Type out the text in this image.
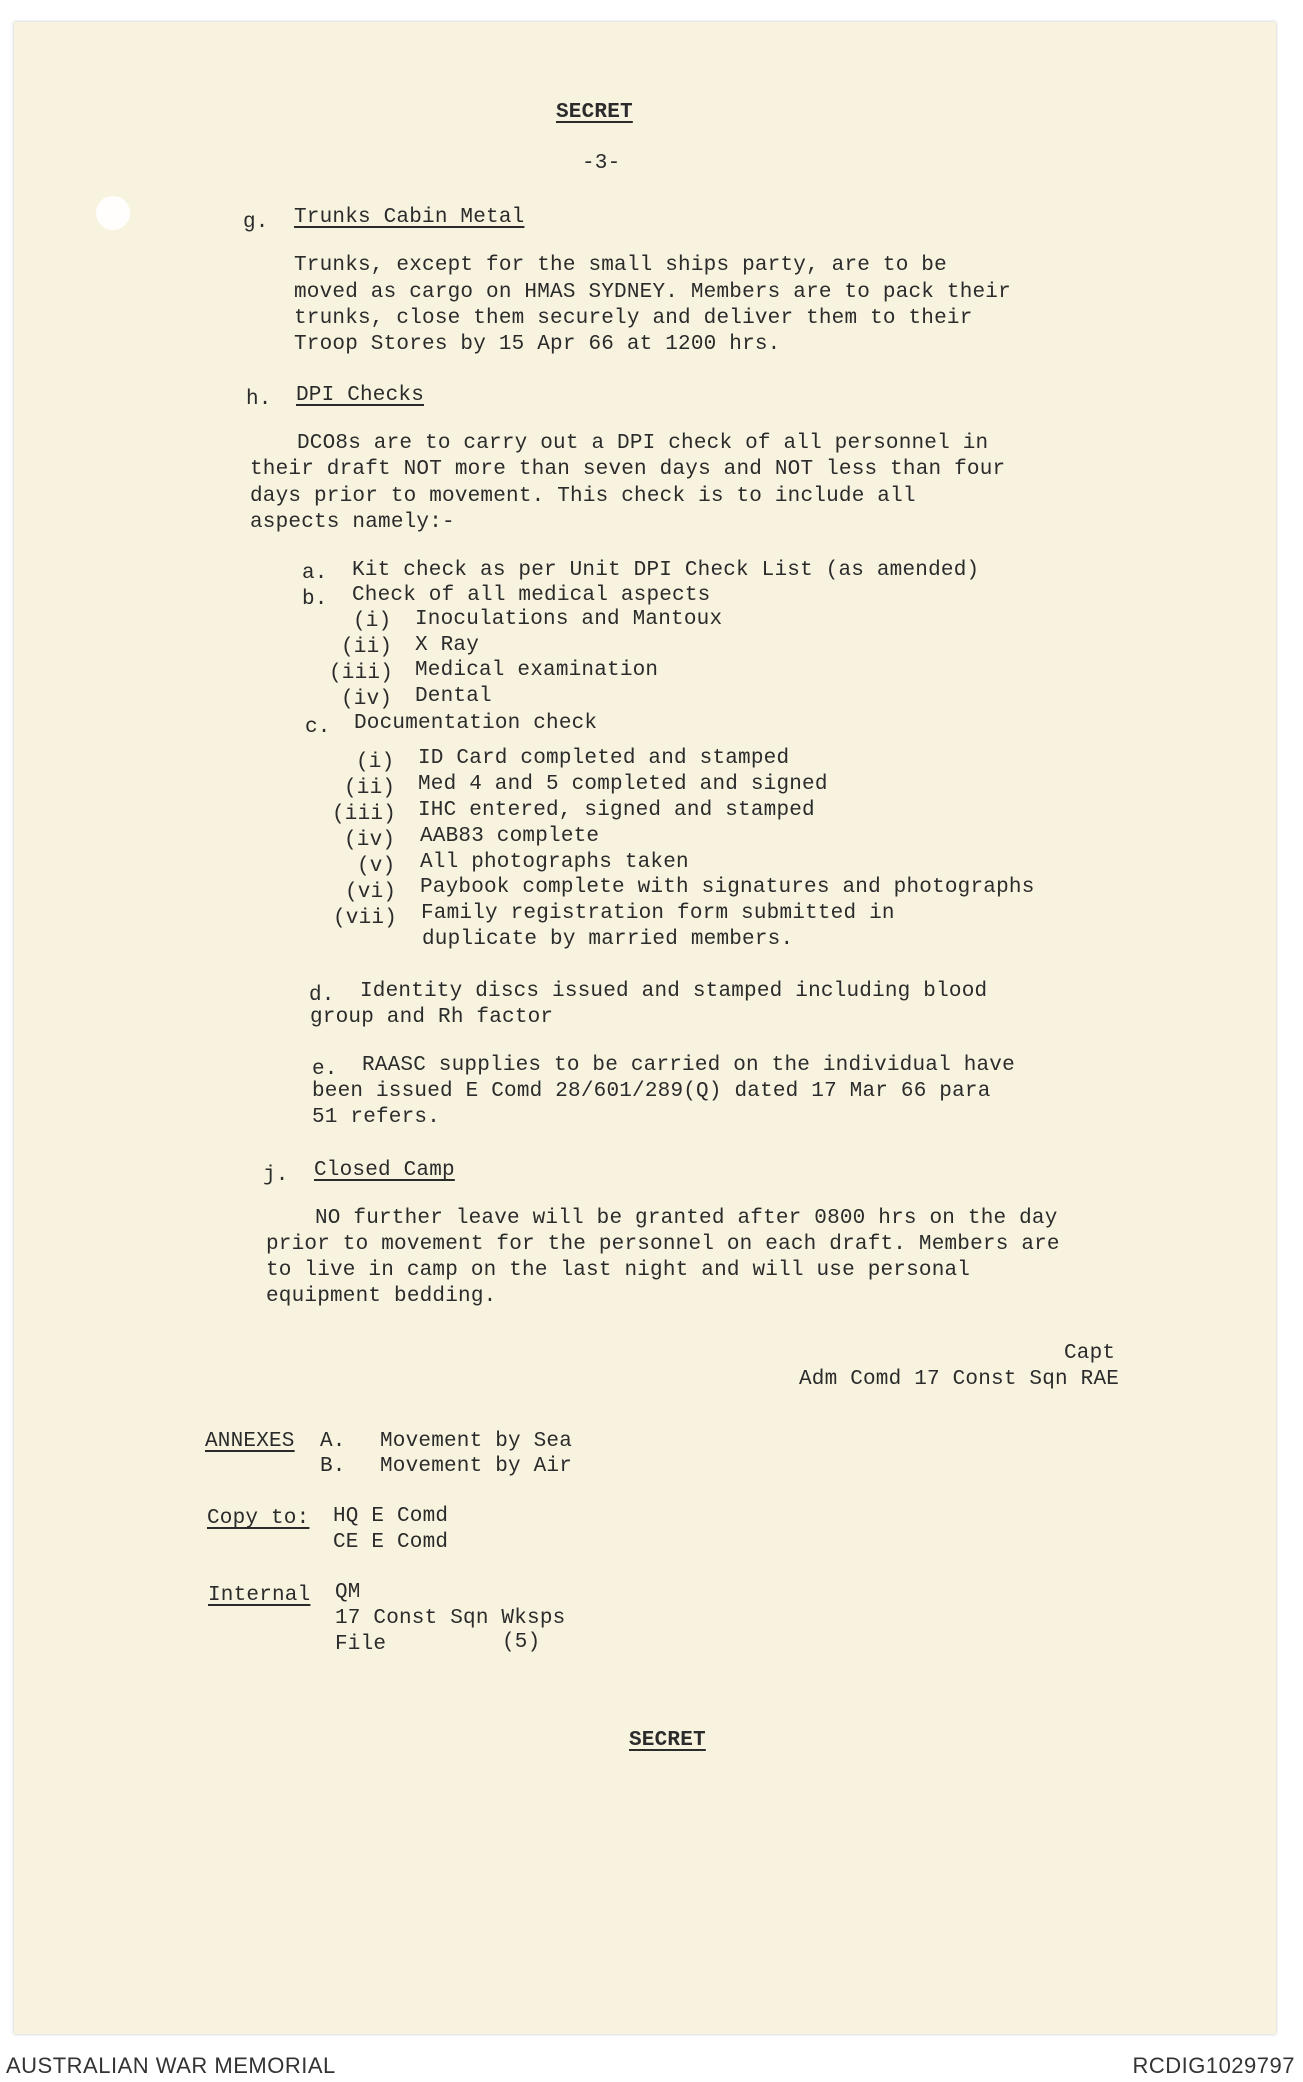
SECRET
-3-
g. Trunks Cabin Metal
Trunks, except for the small ships party, are to be
moved as cargo on HMAS SYDNEY. Members are to pack their
trunks, close them securely and deliver them to their
Troop Stores by 15 Apr 66 at 1200 hrs.
h. DPI Checks
DCO8s are to carry out a DPI check of all personnel in
their draft NOT more than seven days and NOT less than four
days prior to movement. This check is to include all
aspects namely:-
a. Kit check as per Unit DPI Check List (as amended)
b. Check of all medical aspects
(i) Inoculations and Mantoux
(ii) X Ray
(iii) Medical examination
(iv) Dental
c. Documentation check
(i) ID Card completed and stamped
(ii) Med 4 and 5 completed and signed
(iii) IHC entered, signed and stamped
(iv) AAB83 complete
(v) All photographs taken
(vi) Paybook complete with signatures and photographs
(vii) Family registration form submitted in
duplicate by married members.
d. Identity discs issued and stamped including blood
group and Rh factor
e. RAASC supplies to be carried on the individual have
been issued E Comd 28/601/289(Q) dated 17 Mar 66 para
51 refers.
j. Closed Camp
NO further leave will be granted after 0800 hrs on the day
prior to movement for the personnel on each draft. Members are
to live in camp on the last night and will use personal
equipment bedding.
Capt
Adm Comd 17 Const Sqn RAE
ANNEXES A. Movement by Sea
B. Movement by Air
Copy to: HQ E Comd
CE E Comd
Internal QM
17 Const Sqn Wksps
File	(5)
SECRET
AUSTRALIAN WAR MEMORIAL	RCDIG1029797
